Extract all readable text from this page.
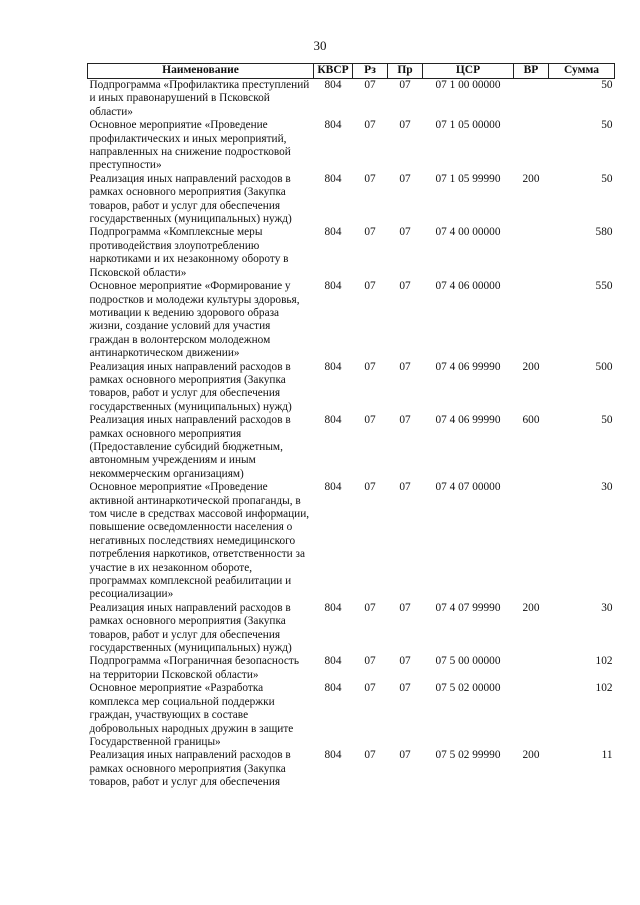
30
Наименование	КВСР	Рз	Пр	ЦСР	ВР	Сумма
Подпрограмма «Профилактика преступлений и иных правонарушений в Псковской области»	804	07	07	07 1 00 00000		50
Основное мероприятие «Проведение профилактических и иных мероприятий, направленных на снижение подростковой преступности»	804	07	07	07 1 05 00000		50
Реализация иных направлений расходов в рамках основного мероприятия (Закупка товаров, работ и услуг для обеспечения государственных (муниципальных) нужд)	804	07	07	07 1 05 99990	200	50
Подпрограмма «Комплексные меры противодействия злоупотреблению наркотиками и их незаконному обороту в Псковской области»	804	07	07	07 4 00 00000		580
Основное мероприятие «Формирование у подростков и молодежи культуры здоровья, мотивации к ведению здорового образа жизни, создание условий для участия граждан в волонтерском молодежном антинаркотическом движении»	804	07	07	07 4 06 00000		550
Реализация иных направлений расходов в рамках основного мероприятия (Закупка товаров, работ и услуг для обеспечения государственных (муниципальных) нужд)	804	07	07	07 4 06 99990	200	500
Реализация иных направлений расходов в рамках основного мероприятия (Предоставление субсидий бюджетным, автономным учреждениям и иным некоммерческим организациям)	804	07	07	07 4 06 99990	600	50
Основное мероприятие «Проведение активной антинаркотической пропаганды, в том числе в средствах массовой информации, повышение осведомленности населения о негативных последствиях немедицинского потребления наркотиков, ответственности за участие в их незаконном обороте, программах комплексной реабилитации и ресоциализации»	804	07	07	07 4 07 00000		30
Реализация иных направлений расходов в рамках основного мероприятия (Закупка товаров, работ и услуг для обеспечения государственных (муниципальных) нужд)	804	07	07	07 4 07 99990	200	30
Подпрограмма «Пограничная безопасность на территории Псковской области»	804	07	07	07 5 00 00000		102
Основное мероприятие «Разработка комплекса мер социальной поддержки граждан, участвующих в составе добровольных народных дружин в защите Государственной границы»	804	07	07	07 5 02 00000		102
Реализация иных направлений расходов в рамках основного мероприятия (Закупка товаров, работ и услуг для обеспечения	804	07	07	07 5 02 99990	200	11
